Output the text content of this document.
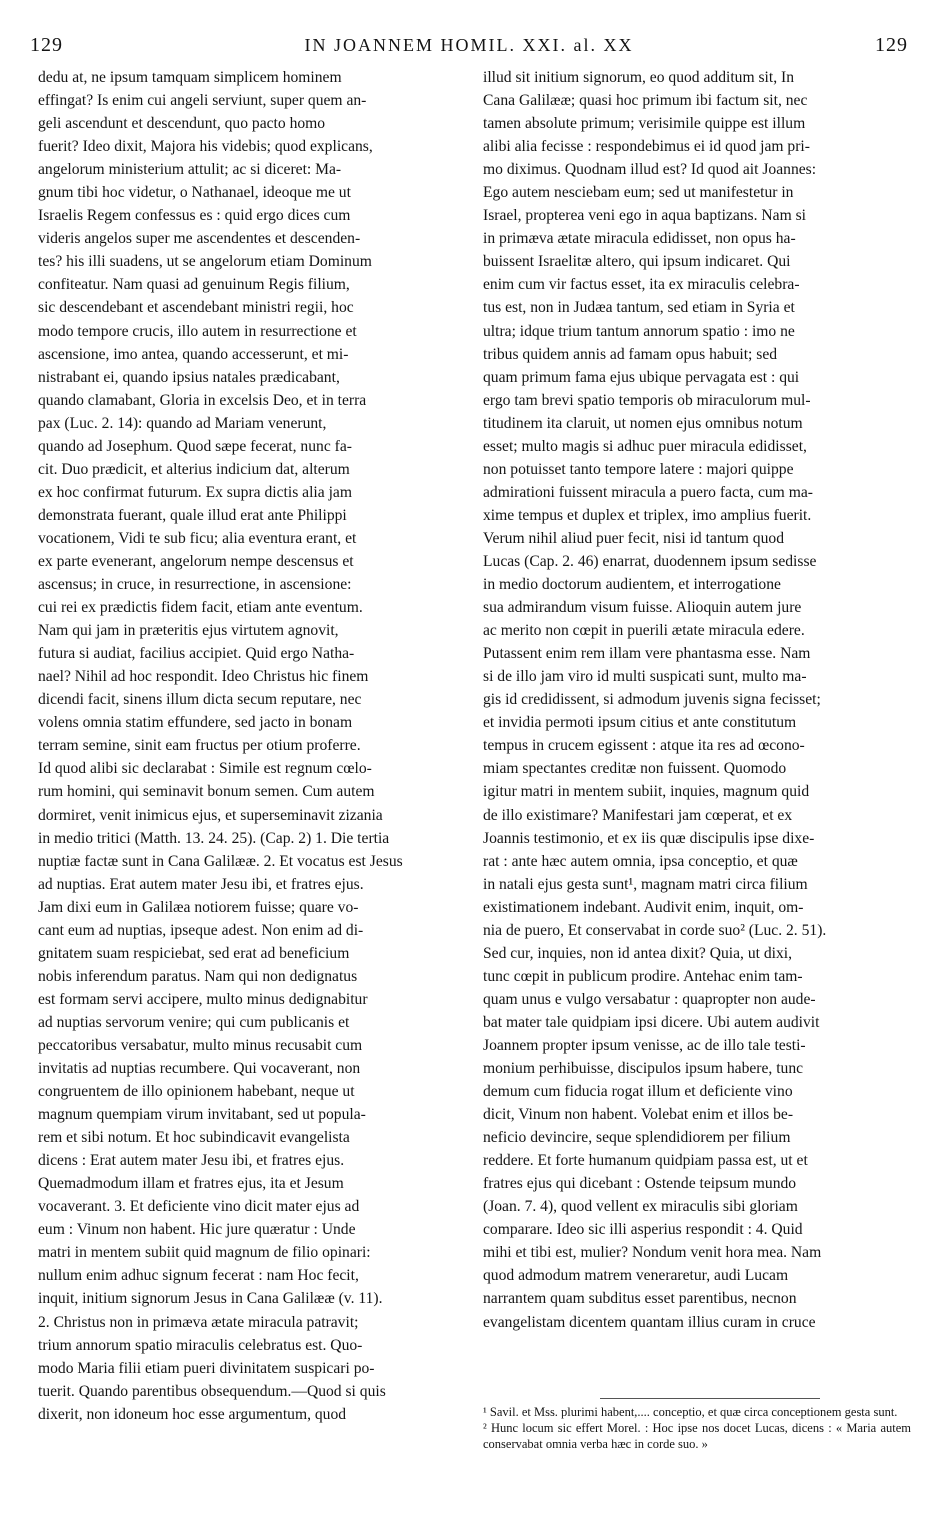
129	IN JOANNEM HOMIL. XXI. al. XX	129
dedu at, ne ipsum tamquam simplicem hominem
effingat? Is enim cui angeli serviunt, super quem an-
geli ascendunt et descendunt, quo pacto homo
fuerit? Ideo dixit, Majora his videbis; quod explicans,
angelorum ministerium attulit; ac si diceret: Ma-
gnum tibi hoc videtur, o Nathanael, ideoque me ut
Israelis Regem confessus es : quid ergo dices cum
videris angelos super me ascendentes et descenden-
tes? his illi suadens, ut se angelorum etiam Dominum
confiteatur. Nam quasi ad genuinum Regis filium,
sic descendebant et ascendebant ministri regii, hoc
modo tempore crucis, illo autem in resurrectione et
ascensione, imo antea, quando accesserunt, et mi-
nistrabant ei, quando ipsius natales prædicabant,
quando clamabant, Gloria in excelsis Deo, et in terra
pax (Luc. 2. 14): quando ad Mariam venerunt,
quando ad Josephum. Quod sæpe fecerat, nunc fa-
cit. Duo prædicit, et alterius indicium dat, alterum
ex hoc confirmat futurum. Ex supra dictis alia jam
demonstrata fuerant, quale illud erat ante Philippi
vocationem, Vidi te sub ficu; alia eventura erant, et
ex parte evenerant, angelorum nempe descensus et
ascensus; in cruce, in resurrectione, in ascensione:
cui rei ex prædictis fidem facit, etiam ante eventum.
Nam qui jam in præteritis ejus virtutem agnovit,
futura si audiat, facilius accipiet. Quid ergo Natha-
nael? Nihil ad hoc respondit. Ideo Christus hic finem
dicendi facit, sinens illum dicta secum reputare, nec
volens omnia statim effundere, sed jacto in bonam
terram semine, sinit eam fructus per otium proferre.
Id quod alibi sic declarabat : Simile est regnum cœlo-
rum homini, qui seminavit bonum semen. Cum autem
dormiret, venit inimicus ejus, et superseminavit zizania
in medio tritici (Matth. 13. 24. 25). (Cap. 2) 1. Die tertia
nuptiæ factæ sunt in Cana Galilææ. 2. Et vocatus est Jesus
ad nuptias. Erat autem mater Jesu ibi, et fratres ejus.
Jam dixi eum in Galilæa notiorem fuisse; quare vo-
cant eum ad nuptias, ipseque adest. Non enim ad di-
gnitatem suam respiciebat, sed erat ad beneficium
nobis inferendum paratus. Nam qui non dedignatus
est formam servi accipere, multo minus dedignabitur
ad nuptias servorum venire; qui cum publicanis et
peccatoribus versabatur, multo minus recusabit cum
invitatis ad nuptias recumbere. Qui vocaverant, non
congruentem de illo opinionem habebant, neque ut
magnum quempiam virum invitabant, sed ut popula-
rem et sibi notum. Et hoc subindicavit evangelista
dicens : Erat autem mater Jesu ibi, et fratres ejus.
Quemadmodum illam et fratres ejus, ita et Jesum
vocaverant. 3. Et deficiente vino dicit mater ejus ad
eum : Vinum non habent. Hic jure quæratur : Unde
matri in mentem subiit quid magnum de filio opinari:
nullum enim adhuc signum fecerat : nam Hoc fecit,
inquit, initium signorum Jesus in Cana Galilææ (v. 11).
2. Christus non in primæva ætate miracula patravit;
trium annorum spatio miraculis celebratus est. Quo-
modo Maria filii etiam pueri divinitatem suspicari po-
tuerit. Quando parentibus obsequendum.—Quod si quis
dixerit, non idoneum hoc esse argumentum, quod
illud sit initium signorum, eo quod additum sit, In
Cana Galilææ; quasi hoc primum ibi factum sit, nec
tamen absolute primum; verisimile quippe est illum
alibi alia fecisse : respondebimus ei id quod jam pri-
mo diximus. Quodnam illud est? Id quod ait Joannes:
Ego autem nesciebam eum; sed ut manifestetur in
Israel, propterea veni ego in aqua baptizans. Nam si
in primæva ætate miracula edidisset, non opus ha-
buissent Israelitæ altero, qui ipsum indicaret. Qui
enim cum vir factus esset, ita ex miraculis celebra-
tus est, non in Judæa tantum, sed etiam in Syria et
ultra; idque trium tantum annorum spatio : imo ne
tribus quidem annis ad famam opus habuit; sed
quam primum fama ejus ubique pervagata est : qui
ergo tam brevi spatio temporis ob miraculorum mul-
titudinem ita claruit, ut nomen ejus omnibus notum
esset; multo magis si adhuc puer miracula edidisset,
non potuisset tanto tempore latere : majori quippe
admirationi fuissent miracula a puero facta, cum ma-
xime tempus et duplex et triplex, imo amplius fuerit.
Verum nihil aliud puer fecit, nisi id tantum quod
Lucas (Cap. 2. 46) enarrat, duodennem ipsum sedisse
in medio doctorum audientem, et interrogatione
sua admirandum visum fuisse. Alioquin autem jure
ac merito non cœpit in puerili ætate miracula edere.
Putassent enim rem illam vere phantasma esse. Nam
si de illo jam viro id multi suspicati sunt, multo ma-
gis id credidissent, si admodum juvenis signa fecisset;
et invidia permoti ipsum citius et ante constitutum
tempus in crucem egissent : atque ita res ad œcono-
miam spectantes creditæ non fuissent. Quomodo
igitur matri in mentem subiit, inquies, magnum quid
de illo existimare? Manifestari jam cœperat, et ex
Joannis testimonio, et ex iis quæ discipulis ipse dixe-
rat : ante hæc autem omnia, ipsa conceptio, et quæ
in natali ejus gesta sunt¹, magnam matri circa filium
existimationem indebant. Audivit enim, inquit, om-
nia de puero, Et conservabat in corde suo² (Luc. 2. 51).
Sed cur, inquies, non id antea dixit? Quia, ut dixi,
tunc cœpit in publicum prodire. Antehac enim tam-
quam unus e vulgo versabatur : quapropter non aude-
bat mater tale quidpiam ipsi dicere. Ubi autem audivit
Joannem propter ipsum venisse, ac de illo tale testi-
monium perhibuisse, discipulos ipsum habere, tunc
demum cum fiducia rogat illum et deficiente vino
dicit, Vinum non habent. Volebat enim et illos be-
neficio devincire, seque splendidiorem per filium
reddere. Et forte humanum quidpiam passa est, ut et
fratres ejus qui dicebant : Ostende teipsum mundo
(Joan. 7. 4), quod vellent ex miraculis sibi gloriam
comparare. Ideo sic illi asperius respondit : 4. Quid
mihi et tibi est, mulier? Nondum venit hora mea. Nam
quod admodum matrem veneraretur, audi Lucam
narrantem quam subditus esset parentibus, necnon
evangelistam dicentem quantam illius curam in cruce

¹ Savil. et Mss. plurimi habent,.... conceptio, et quæ circa conceptionem gesta sunt.

² Hunc locum sic effert Morel. : Hoc ipse nos docet Lucas, dicens : « Maria autem conservabat omnia verba hæc in corde suo. »
